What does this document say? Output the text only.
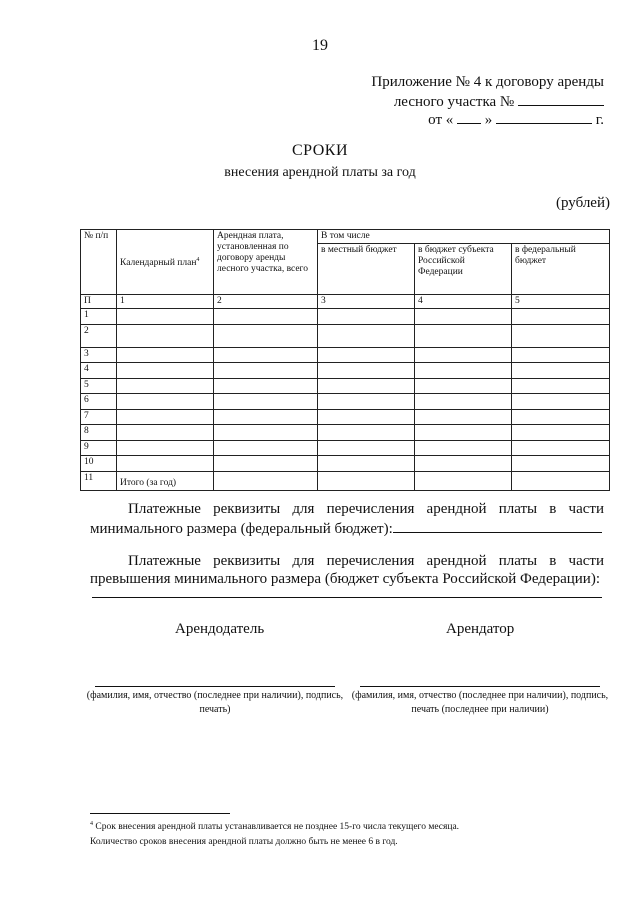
19
Приложение № 4 к договору аренды
лесного участка №
от « »	г.
СРОКИ
внесения арендной платы за год
(рублей)
№ п/п	Календарный план$^4$	Арендная плата, установленная по договору аренды лесного участка, всего	В том числе		
			в местный бюджет	в бюджет субъекта Российской Федерации	в федеральный бюджет
П	1	2	3	4	5
1					
2					
3					
4					
5					
6					
7					
8					
9					
10					
11	Итого (за год)				
Платежные реквизиты для перечисления арендной платы в части минимального размера (федеральный бюджет):
Платежные реквизиты для перечисления арендной платы в части превышения минимального размера (бюджет субъекта Российской Федерации):
Арендодатель	Арендатор
(фамилия, имя, отчество (последнее при наличии), подпись, печать)
(фамилия, имя, отчество (последнее при наличии), подпись, печать (последнее при наличии)
$^4$ Срок внесения арендной платы устанавливается не позднее 15-го числа текущего месяца.
Количество сроков внесения арендной платы должно быть не менее 6 в год.
